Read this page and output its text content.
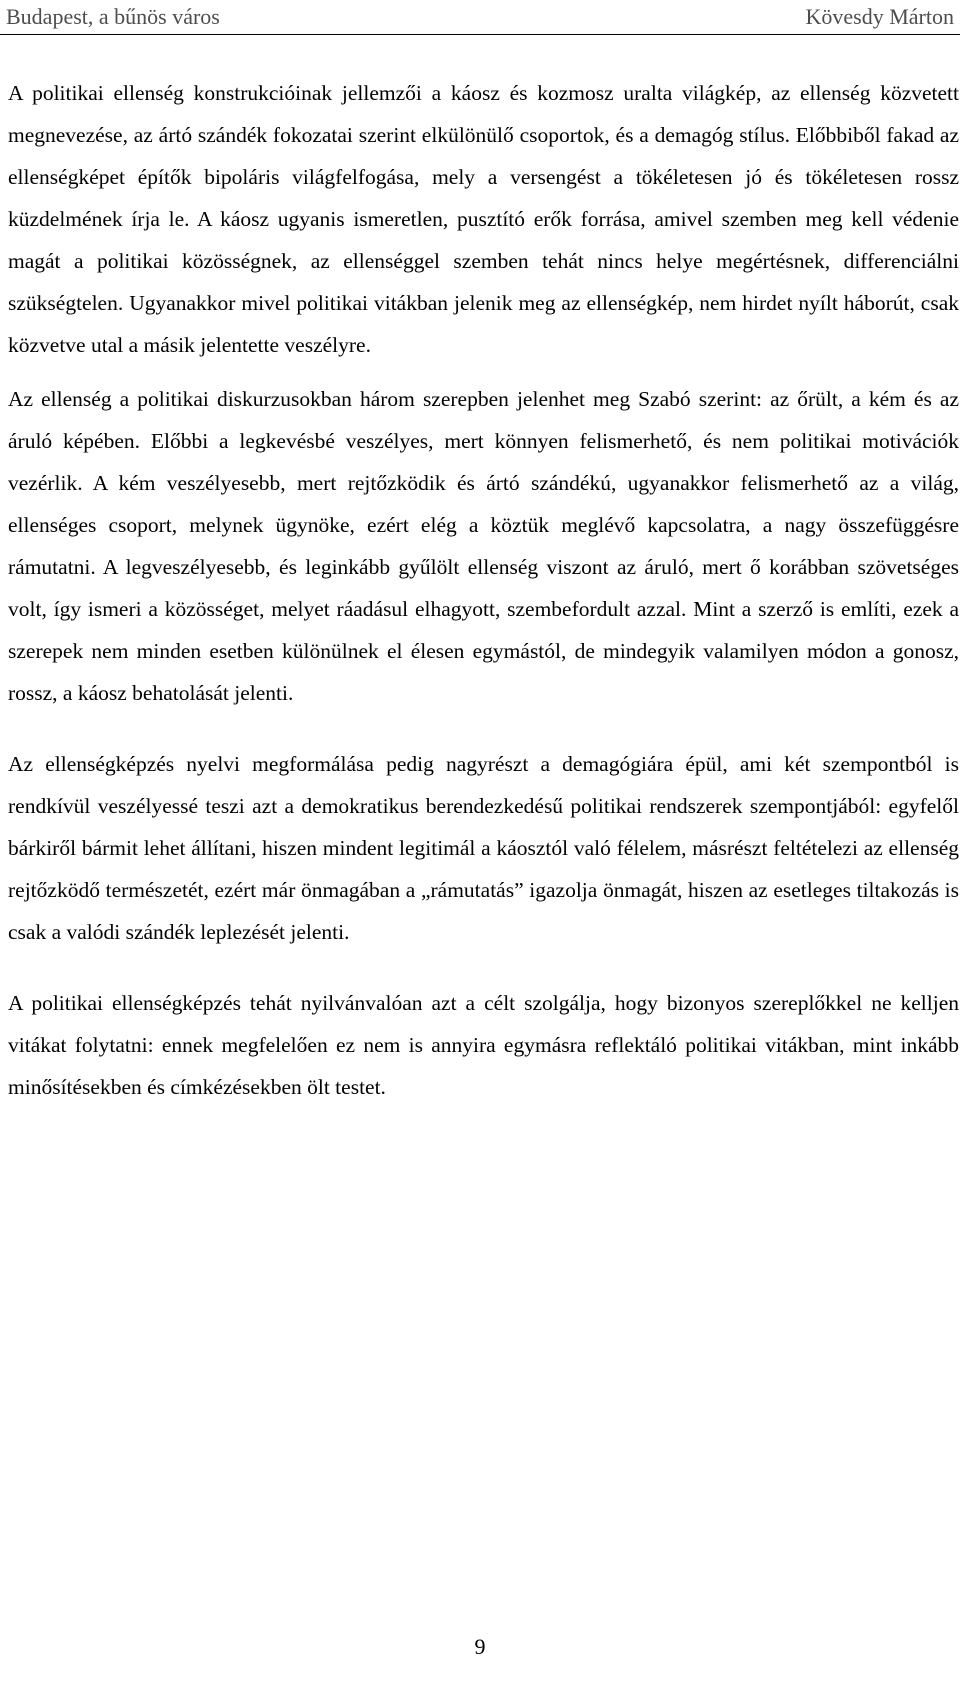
Budapest, a bűnös város	Kövesdy Márton

A politikai ellenség konstrukcióinak jellemzői a káosz és kozmosz uralta világkép, az ellenség közvetett megnevezése, az ártó szándék fokozatai szerint elkülönülő csoportok, és a demagóg stílus. Előbbiből fakad az ellenségképet építők bipoláris világfelfogása, mely a versengést a tökéletesen jó és tökéletesen rossz küzdelmének írja le. A káosz ugyanis ismeretlen, pusztító erők forrása, amivel szemben meg kell védenie magát a politikai közösségnek, az ellenséggel szemben tehát nincs helye megértésnek, differenciálni szükségtelen. Ugyanakkor mivel politikai vitákban jelenik meg az ellenségkép, nem hirdet nyílt háborút, csak közvetve utal a másik jelentette veszélyre.

Az ellenség a politikai diskurzusokban három szerepben jelenhet meg Szabó szerint: az őrült, a kém és az áruló képében. Előbbi a legkevésbé veszélyes, mert könnyen felismerhető, és nem politikai motivációk vezérlik. A kém veszélyesebb, mert rejtőzködik és ártó szándékú, ugyanakkor felismerhető az a világ, ellenséges csoport, melynek ügynöke, ezért elég a köztük meglévő kapcsolatra, a nagy összefüggésre rámutatni. A legveszélyesebb, és leginkább gyűlölt ellenség viszont az áruló, mert ő korábban szövetséges volt, így ismeri a közösséget, melyet ráadásul elhagyott, szembefordult azzal. Mint a szerző is említi, ezek a szerepek nem minden esetben különülnek el élesen egymástól, de mindegyik valamilyen módon a gonosz, rossz, a káosz behatolását jelenti.

Az ellenségképzés nyelvi megformálása pedig nagyrészt a demagógiára épül, ami két szempontból is rendkívül veszélyessé teszi azt a demokratikus berendezkedésű politikai rendszerek szempontjából: egyfelől bárkiről bármit lehet állítani, hiszen mindent legitimál a káosztól való félelem, másrészt feltételezi az ellenség rejtőzködő természetét, ezért már önmagában a „rámutatás” igazolja önmagát, hiszen az esetleges tiltakozás is csak a valódi szándék leplezését jelenti.

A politikai ellenségképzés tehát nyilvánvalóan azt a célt szolgálja, hogy bizonyos szereplőkkel ne kelljen vitákat folytatni: ennek megfelelően ez nem is annyira egymásra reflektáló politikai vitákban, mint inkább minősítésekben és címkézésekben ölt testet.

9
